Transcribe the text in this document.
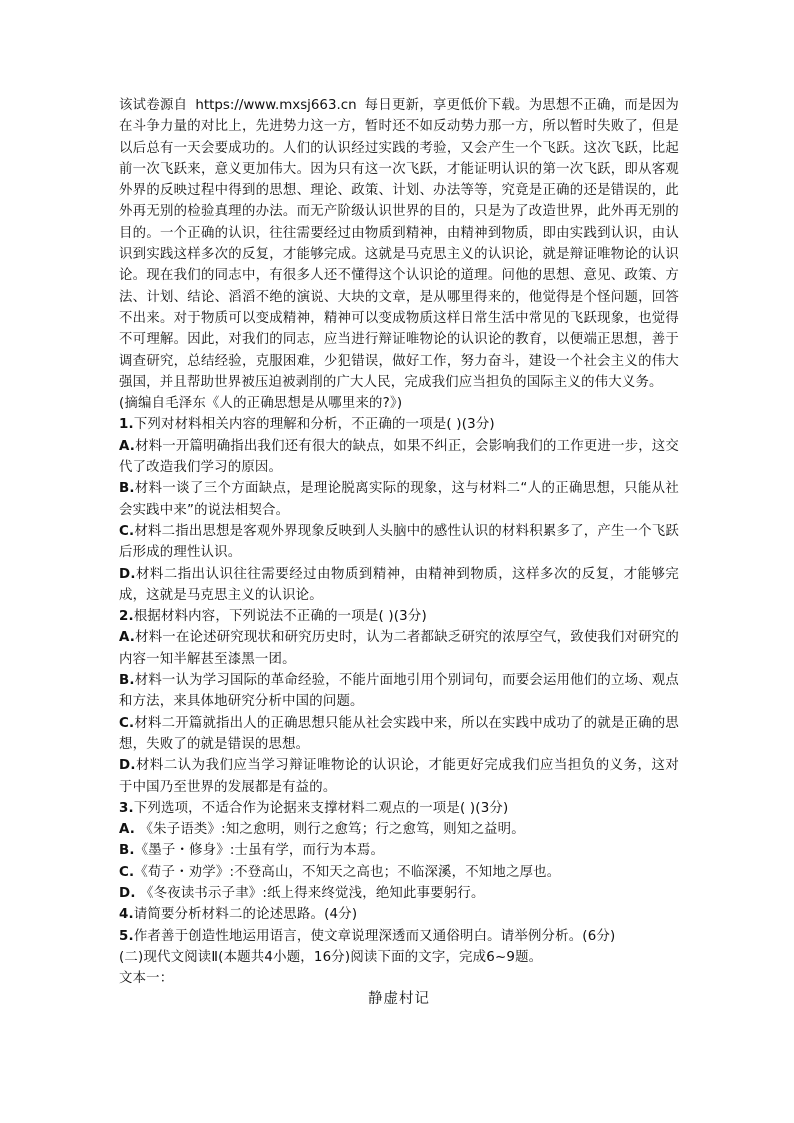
该试卷源自 https://www.mxsj663.cn 每日更新，享更低价下载。为思想不正确，而是因为在斗争力量的对比上，先进势力这一方，暂时还不如反动势力那一方，所以暂时失败了，但是以后总有一天会要成功的。人们的认识经过实践的考验，又会产生一个飞跃。这次飞跃，比起前一次飞跃来，意义更加伟大。因为只有这一次飞跃，才能证明认识的第一次飞跃，即从客观外界的反映过程中得到的思想、理论、政策、计划、办法等等，究竟是正确的还是错误的，此外再无别的检验真理的办法。而无产阶级认识世界的目的，只是为了改造世界，此外再无别的目的。一个正确的认识，往往需要经过由物质到精神，由精神到物质，即由实践到认识，由认识到实践这样多次的反复，才能够完成。这就是马克思主义的认识论，就是辩证唯物论的认识论。现在我们的同志中，有很多人还不懂得这个认识论的道理。问他的思想、意见、政策、方法、计划、结论、滔滔不绝的演说、大块的文章，是从哪里得来的，他觉得是个怪问题，回答不出来。对于物质可以变成精神，精神可以变成物质这样日常生活中常见的飞跃现象，也觉得不可理解。因此，对我们的同志，应当进行辩证唯物论的认识论的教育，以便端正思想，善于调查研究，总结经验，克服困难，少犯错误，做好工作，努力奋斗，建设一个社会主义的伟大强国，并且帮助世界被压迫被剥削的广大人民，完成我们应当担负的国际主义的伟大义务。

(摘编自毛泽东《人的正确思想是从哪里来的?》)

1.下列对材料相关内容的理解和分析，不正确的一项是( )(3分)

A.材料一开篇明确指出我们还有很大的缺点，如果不纠正，会影响我们的工作更进一步，这交代了改造我们学习的原因。

B.材料一谈了三个方面缺点，是理论脱离实际的现象，这与材料二“人的正确思想，只能从社会实践中来”的说法相契合。

C.材料二指出思想是客观外界现象反映到人头脑中的感性认识的材料积累多了，产生一个飞跃后形成的理性认识。

D.材料二指出认识往往需要经过由物质到精神，由精神到物质，这样多次的反复，才能够完成，这就是马克思主义的认识论。

2.根据材料内容，下列说法不正确的一项是( )(3分)

A.材料一在论述研究现状和研究历史时，认为二者都缺乏研究的浓厚空气，致使我们对研究的内容一知半解甚至漆黑一团。

B.材料一认为学习国际的革命经验，不能片面地引用个别词句，而要会运用他们的立场、观点和方法，来具体地研究分析中国的问题。

C.材料二开篇就指出人的正确思想只能从社会实践中来，所以在实践中成功了的就是正确的思想，失败了的就是错误的思想。

D.材料二认为我们应当学习辩证唯物论的认识论，才能更好完成我们应当担负的义务，这对于中国乃至世界的发展都是有益的。

3.下列选项，不适合作为论据来支撑材料二观点的一项是( )(3分)

A. 《朱子语类》:知之愈明，则行之愈笃；行之愈笃，则知之益明。

B.《墨子・修身》:士虽有学，而行为本焉。

C.《荀子・劝学》:不登高山，不知天之高也；不临深溪，不知地之厚也。

D. 《冬夜读书示子聿》:纸上得来终觉浅，绝知此事要躬行。

4.请简要分析材料二的论述思路。(4分)

5.作者善于创造性地运用语言，使文章说理深透而又通俗明白。请举例分析。(6分)

(二)现代文阅读Ⅱ(本题共4小题，16分)阅读下面的文字，完成6~9题。

文本一：

静虚村记
